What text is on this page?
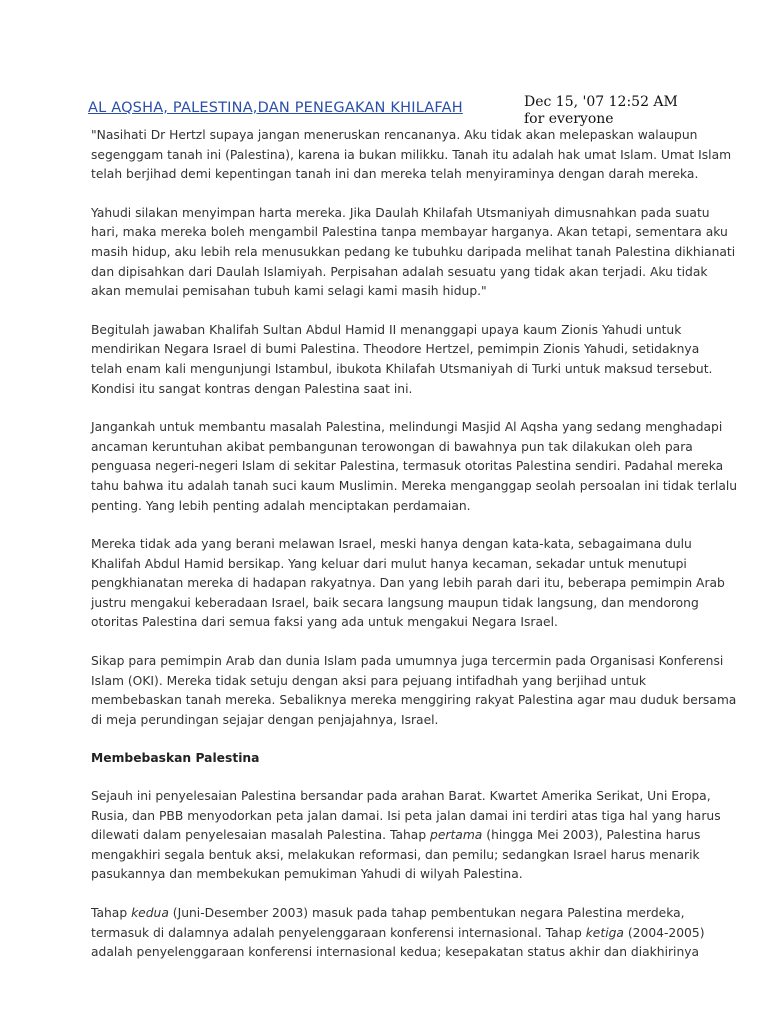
AL AQSHA, PALESTINA,DAN PENEGAKAN KHILAFAH	Dec 15, '07 12:52 AM
for everyone

"Nasihati Dr Hertzl supaya jangan meneruskan rencananya. Aku tidak akan melepaskan walaupun
segenggam tanah ini (Palestina), karena ia bukan milikku. Tanah itu adalah hak umat Islam. Umat Islam
telah berjihad demi kepentingan tanah ini dan mereka telah menyiraminya dengan darah mereka.

Yahudi silakan menyimpan harta mereka. Jika Daulah Khilafah Utsmaniyah dimusnahkan pada suatu
hari, maka mereka boleh mengambil Palestina tanpa membayar harganya. Akan tetapi, sementara aku
masih hidup, aku lebih rela menusukkan pedang ke tubuhku daripada melihat tanah Palestina dikhianati
dan dipisahkan dari Daulah Islamiyah. Perpisahan adalah sesuatu yang tidak akan terjadi. Aku tidak
akan memulai pemisahan tubuh kami selagi kami masih hidup."

Begitulah jawaban Khalifah Sultan Abdul Hamid II menanggapi upaya kaum Zionis Yahudi untuk
mendirikan Negara Israel di bumi Palestina. Theodore Hertzel, pemimpin Zionis Yahudi, setidaknya
telah enam kali mengunjungi Istambul, ibukota Khilafah Utsmaniyah di Turki untuk maksud tersebut.
Kondisi itu sangat kontras dengan Palestina saat ini.

Jangankah untuk membantu masalah Palestina, melindungi Masjid Al Aqsha yang sedang menghadapi
ancaman keruntuhan akibat pembangunan terowongan di bawahnya pun tak dilakukan oleh para
penguasa negeri-negeri Islam di sekitar Palestina, termasuk otoritas Palestina sendiri. Padahal mereka
tahu bahwa itu adalah tanah suci kaum Muslimin. Mereka menganggap seolah persoalan ini tidak terlalu
penting. Yang lebih penting adalah menciptakan perdamaian.

Mereka tidak ada yang berani melawan Israel, meski hanya dengan kata-kata, sebagaimana dulu
Khalifah Abdul Hamid bersikap. Yang keluar dari mulut hanya kecaman, sekadar untuk menutupi
pengkhianatan mereka di hadapan rakyatnya. Dan yang lebih parah dari itu, beberapa pemimpin Arab
justru mengakui keberadaan Israel, baik secara langsung maupun tidak langsung, dan mendorong
otoritas Palestina dari semua faksi yang ada untuk mengakui Negara Israel.

Sikap para pemimpin Arab dan dunia Islam pada umumnya juga tercermin pada Organisasi Konferensi
Islam (OKI). Mereka tidak setuju dengan aksi para pejuang intifadhah yang berjihad untuk
membebaskan tanah mereka. Sebaliknya mereka menggiring rakyat Palestina agar mau duduk bersama
di meja perundingan sejajar dengan penjajahnya, Israel.

Membebaskan Palestina

Sejauh ini penyelesaian Palestina bersandar pada arahan Barat. Kwartet Amerika Serikat, Uni Eropa,
Rusia, dan PBB menyodorkan peta jalan damai. Isi peta jalan damai ini terdiri atas tiga hal yang harus
dilewati dalam penyelesaian masalah Palestina. Tahap pertama (hingga Mei 2003), Palestina harus
mengakhiri segala bentuk aksi, melakukan reformasi, dan pemilu; sedangkan Israel harus menarik
pasukannya dan membekukan pemukiman Yahudi di wilyah Palestina.

Tahap kedua (Juni-Desember 2003) masuk pada tahap pembentukan negara Palestina merdeka,
termasuk di dalamnya adalah penyelenggaraan konferensi internasional. Tahap ketiga (2004-2005)
adalah penyelenggaraan konferensi internasional kedua; kesepakatan status akhir dan diakhirinya
